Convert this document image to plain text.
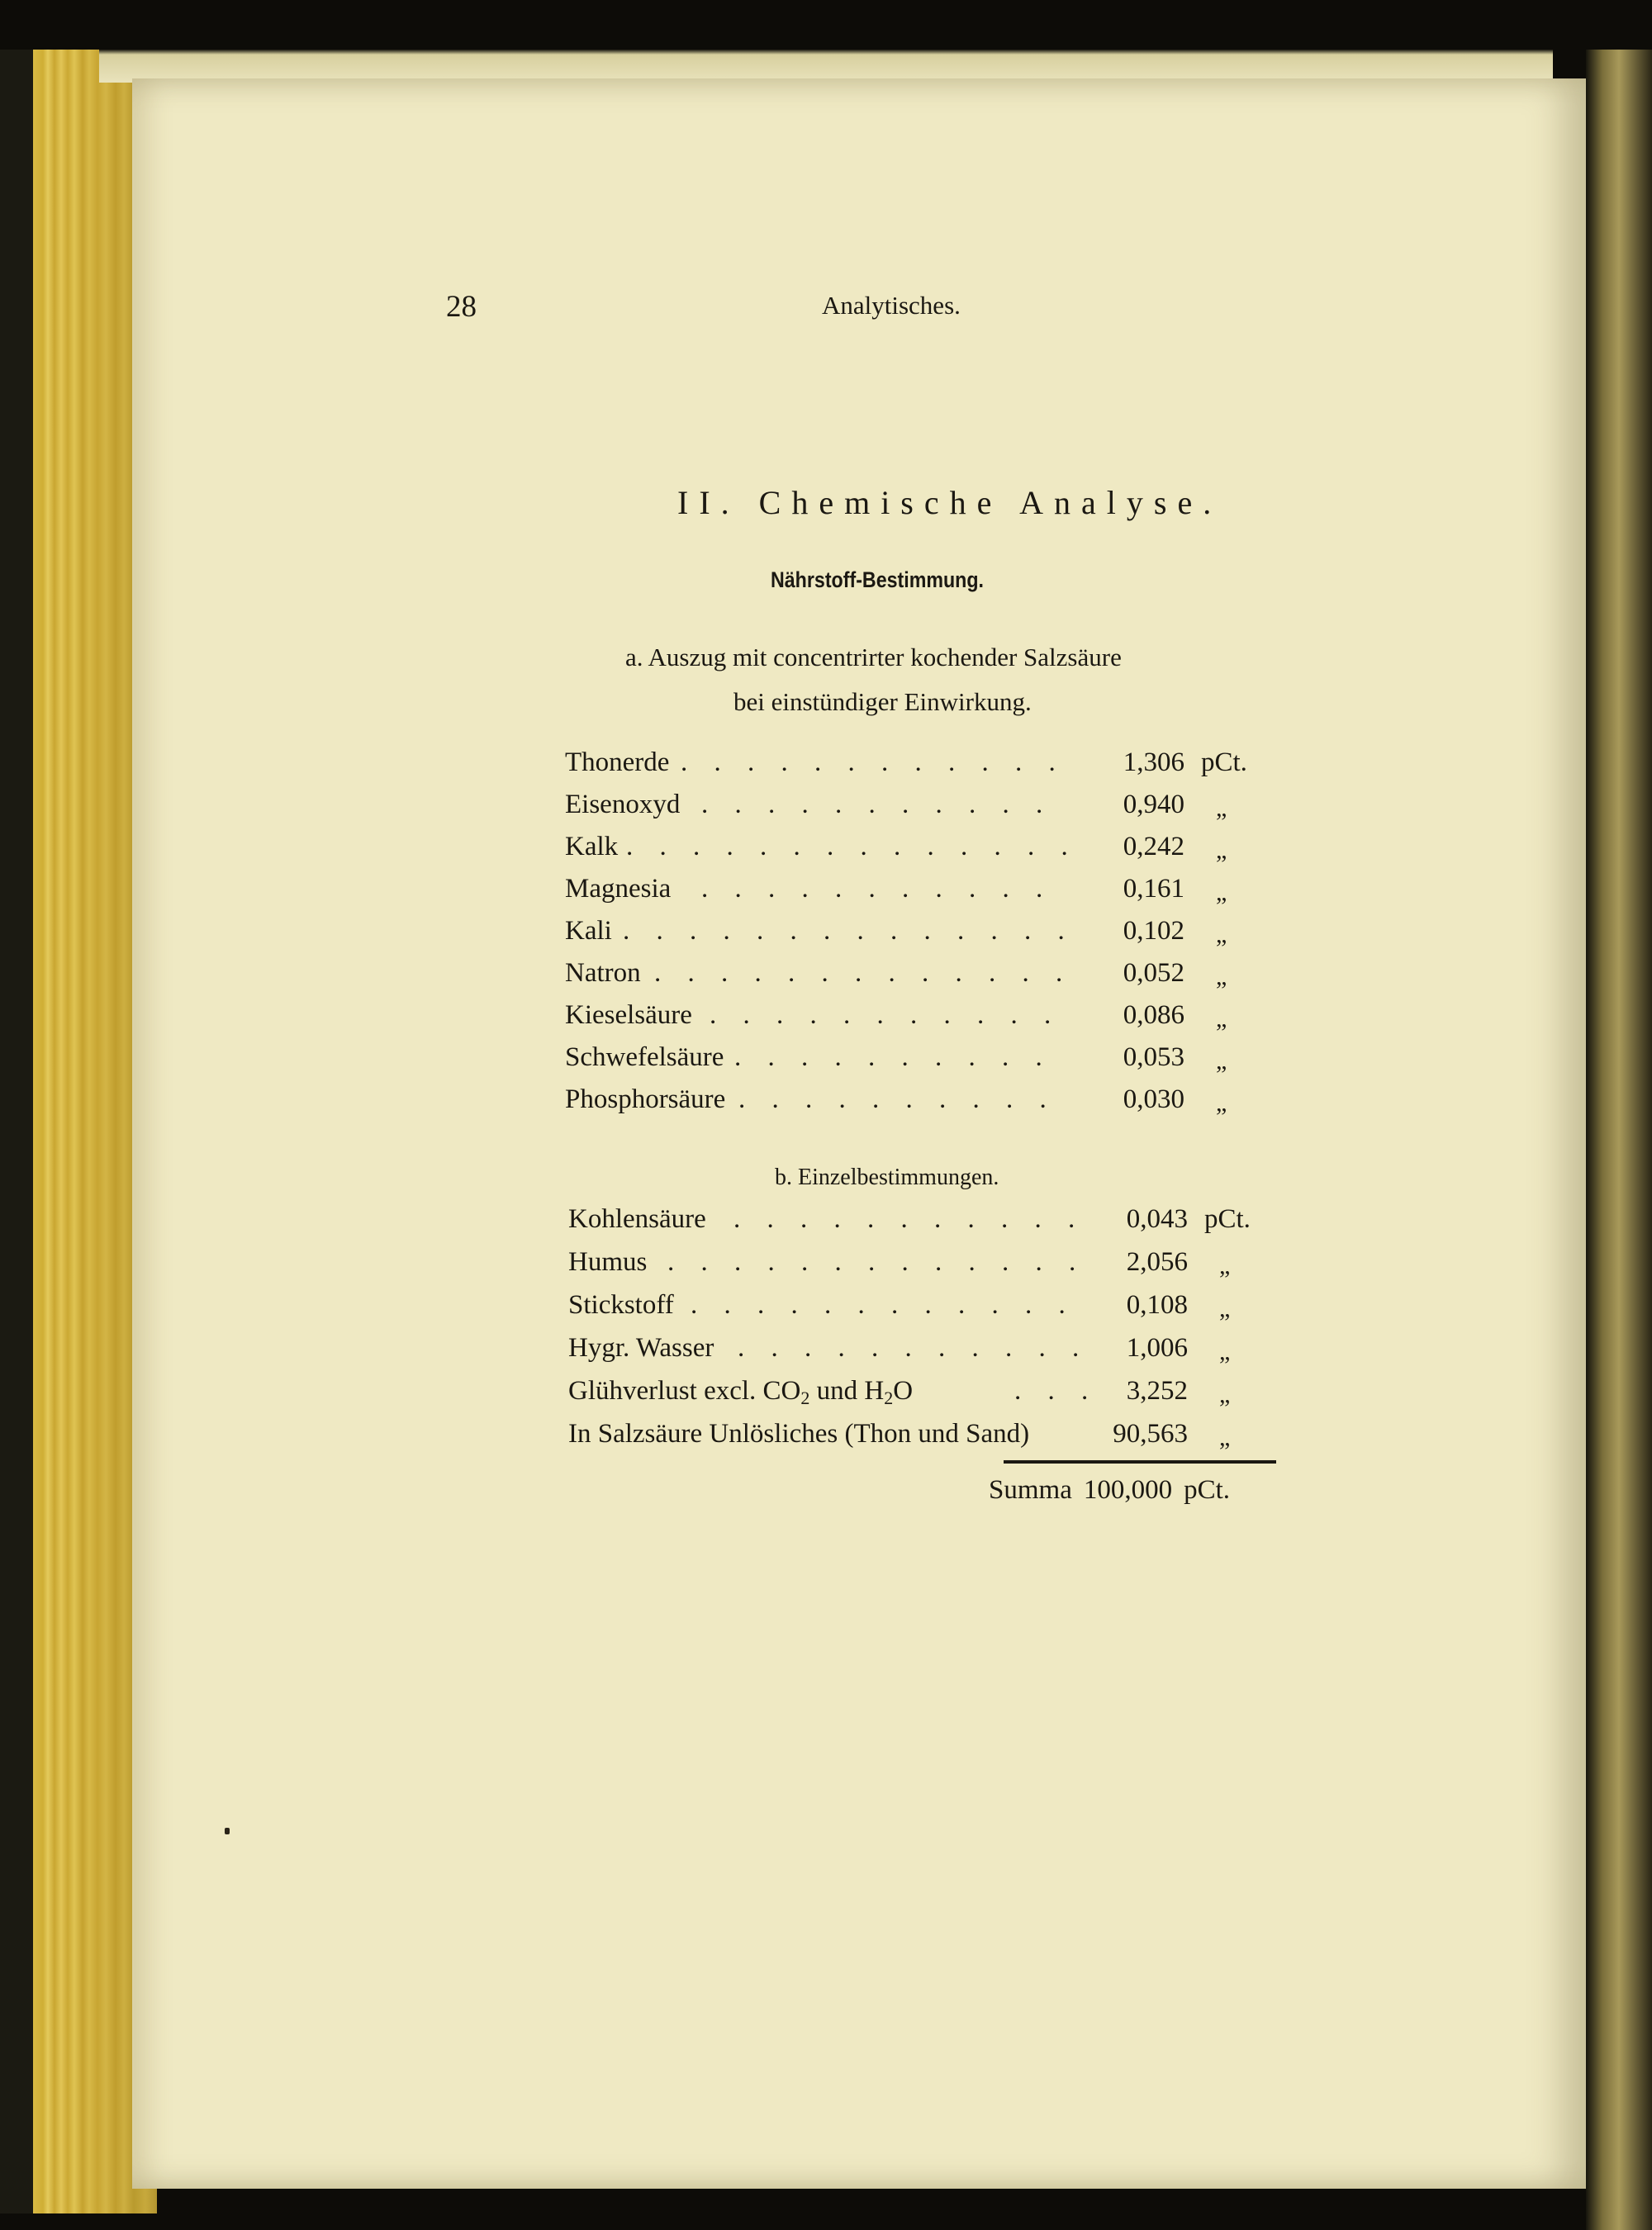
28	Analytisches.
II. Chemische Analyse.
Nährstoff-Bestimmung.
a. Auszug mit concentrirter kochender Salzsäure
bei einstündiger Einwirkung.
Thonerde . . . . . . . . . . . . 1,306 pCt.
Eisenoxyd . . . . . . . . . . .	0,940 „
Kalk . . . . . . . . . . . . . . 0,242 „
Magnesia . . . . . . . . . . .	0,161 „
Kali . . . . . . . . . . . . . . 0,102 „
Natron . . . . . . . . . . . . . 0,052 „
Kieselsäure . . . . . . . . . . . 0,086 „
Schwefelsäure . . . . . . . . . .	0,053 „
Phosphorsäure . . . . . . . . . . 0,030 „
b. Einzelbestimmungen.
Kohlensäure . . . . . . . . . . . 0,043 pCt.
Humus . . . . . . . . . . . . . 2,056 „
Stickstoff . . . . . . . . . . . . 0,108 „
Hygr. Wasser . . . . . . . . . . . 1,006 „
Glühverlust excl. $CO_2$ und $H_2O$	. . . 3,252 „
In Salzsäure Unlösliches (Thon und Sand)	90,563 „
Summa 100,000 pCt.
